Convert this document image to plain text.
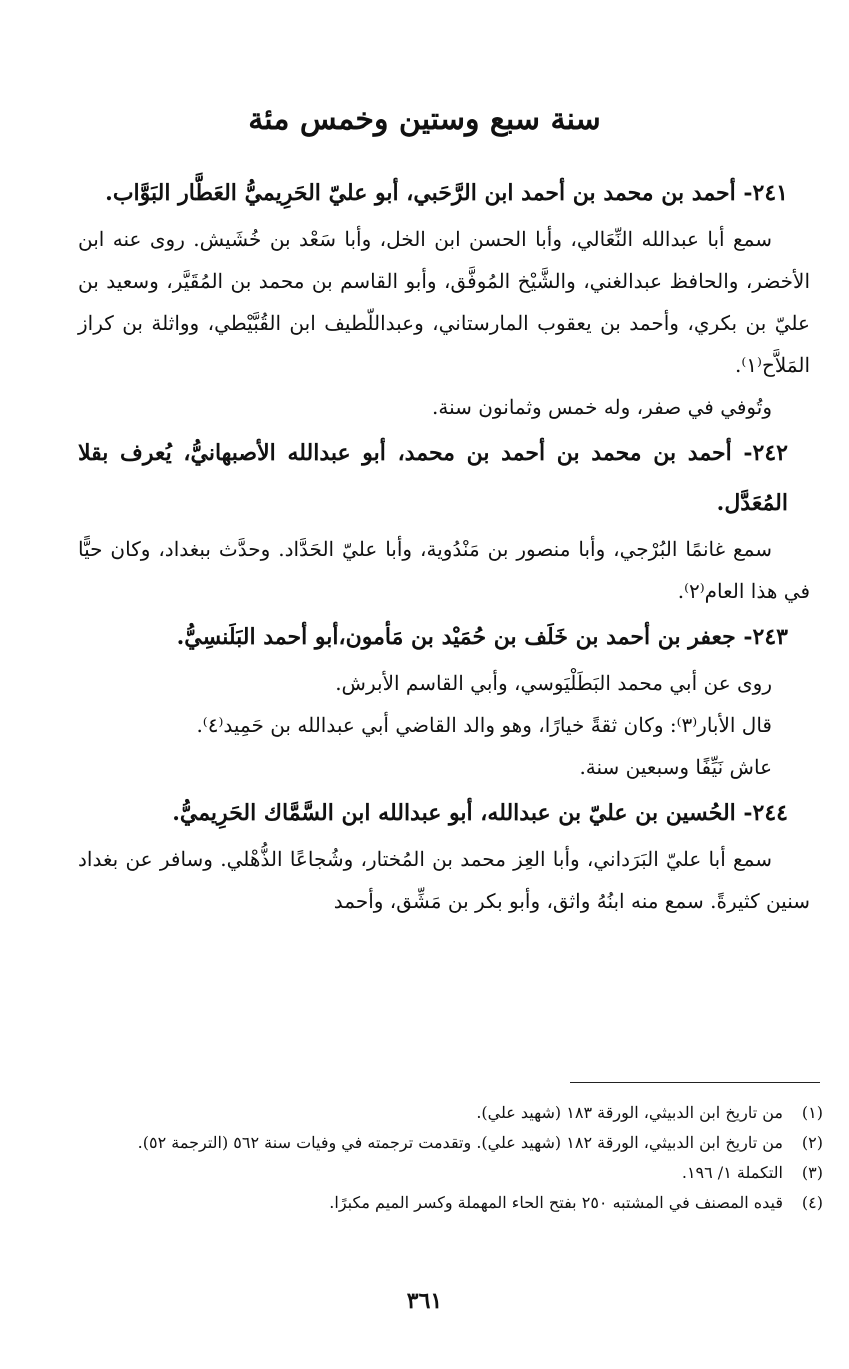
سنة سبع وستين وخمس مئة

٢٤١- أحمد بن محمد بن أحمد ابن الرَّحَبي، أبو عليّ الحَرِيميُّ العَطَّار البَوَّاب.

سمع أبا عبدالله النِّعَالي، وأبا الحسن ابن الخل، وأبا سَعْد بن خُشَيش. روى عنه ابن الأخضر، والحافظ عبدالغني، والشَّيْخ المُوفَّق، وأبو القاسم بن محمد بن المُقَيَّر، وسعيد بن عليّ بن بكري، وأحمد بن يعقوب المارستاني، وعبداللّطيف ابن القُبَّيْطي، وواثلة بن كراز المَلاَّح⁽١⁾.

وتُوفي في صفر، وله خمس وثمانون سنة.

٢٤٢- أحمد بن محمد بن أحمد بن محمد، أبو عبدالله الأصبهانيُّ، يُعرف بقلا المُعَدَّل.

سمع غانمًا البُرْجي، وأبا منصور بن مَنْدُوية، وأبا عليّ الحَدَّاد. وحدَّث ببغداد، وكان حيًّا في هذا العام⁽٢⁾.

٢٤٣- جعفر بن أحمد بن خَلَف بن حُمَيْد بن مَأمون،أبو أحمد البَلَنسِيُّ.

روى عن أبي محمد البَطَلْيَوسي، وأبي القاسم الأبرش.

قال الأبار⁽٣⁾: وكان ثقةً خيارًا، وهو والد القاضي أبي عبدالله بن حَمِيد⁽٤⁾.

عاش نَيِّفًا وسبعين سنة.

٢٤٤- الحُسين بن عليّ بن عبدالله، أبو عبدالله ابن السَّمَّاك الحَرِيميُّ.

سمع أبا عليّ البَرَداني، وأبا العِز محمد بن المُختار، وشُجاعًا الذُّهْلي. وسافر عن بغداد سنين كثيرةً. سمع منه ابنُهُ واثق، وأبو بكر بن مَشِّق، وأحمد

(١)
من تاريخ ابن الدبيثي، الورقة ١٨٣ (شهيد علي).
(٢)
من تاريخ ابن الدبيثي، الورقة ١٨٢ (شهيد علي). وتقدمت ترجمته في وفيات سنة ٥٦٢ (الترجمة ٥٢).
(٣)
التكملة ١/ ١٩٦.
(٤)
قيده المصنف في المشتبه ٢٥٠ بفتح الحاء المهملة وكسر الميم مكبرًا.
٣٦١
